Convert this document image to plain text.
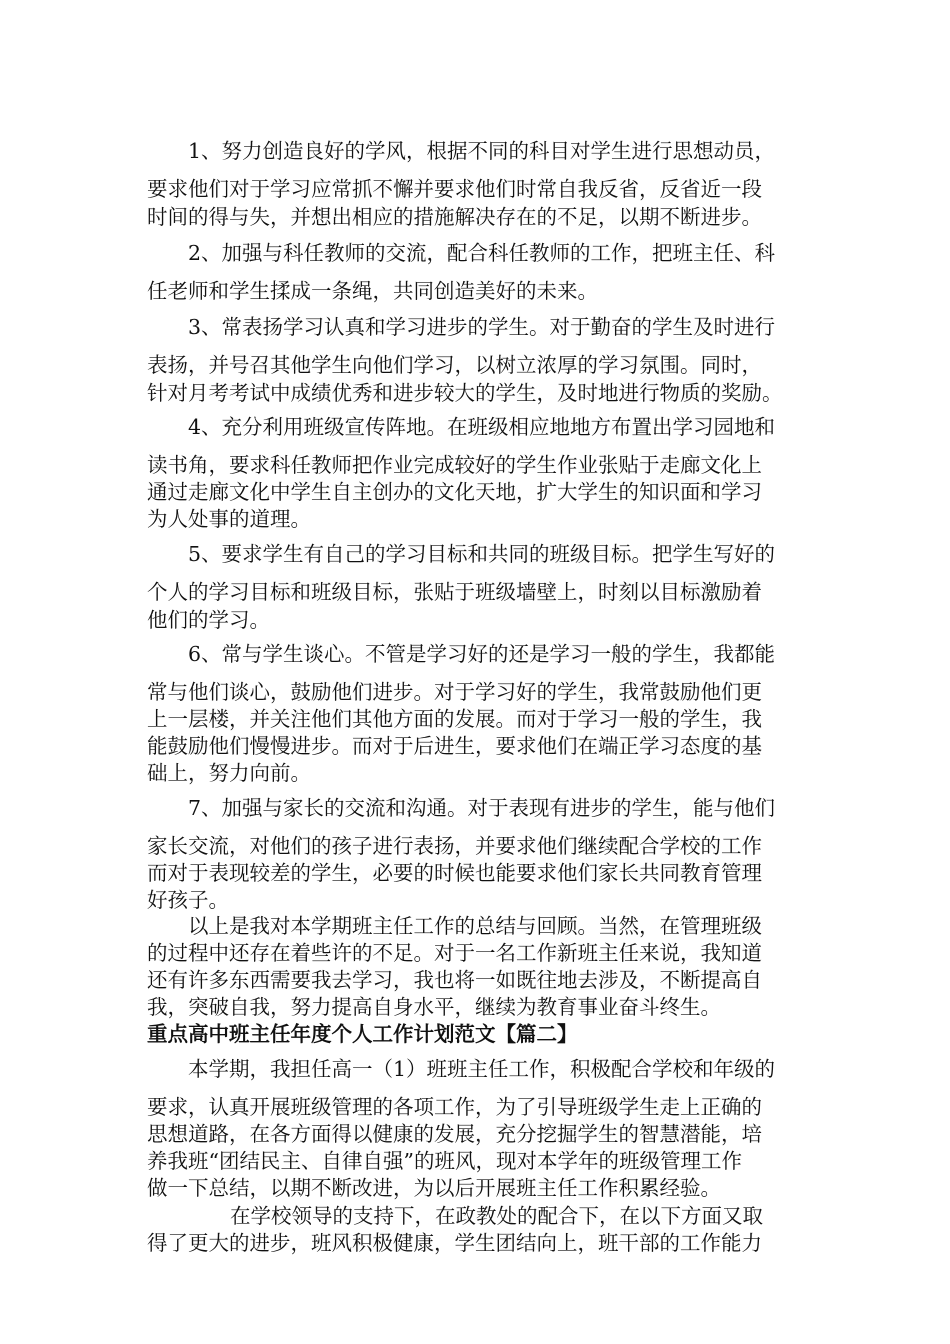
1、努力创造良好的学风，根据不同的科目对学生进行思想动员，
要求他们对于学习应常抓不懈并要求他们时常自我反省，反省近一段
时间的得与失，并想出相应的措施解决存在的不足，以期不断进步。
2、加强与科任教师的交流，配合科任教师的工作，把班主任、科
任老师和学生揉成一条绳，共同创造美好的未来。
3、常表扬学习认真和学习进步的学生。对于勤奋的学生及时进行
表扬，并号召其他学生向他们学习，以树立浓厚的学习氛围。同时，
针对月考考试中成绩优秀和进步较大的学生，及时地进行物质的奖励。
4、充分利用班级宣传阵地。在班级相应地地方布置出学习园地和
读书角，要求科任教师把作业完成较好的学生作业张贴于走廊文化上
通过走廊文化中学生自主创办的文化天地，扩大学生的知识面和学习
为人处事的道理。
5、要求学生有自己的学习目标和共同的班级目标。把学生写好的
个人的学习目标和班级目标，张贴于班级墙壁上，时刻以目标激励着
他们的学习。
6、常与学生谈心。不管是学习好的还是学习一般的学生，我都能
常与他们谈心，鼓励他们进步。对于学习好的学生，我常鼓励他们更
上一层楼，并关注他们其他方面的发展。而对于学习一般的学生，我
能鼓励他们慢慢进步。而对于后进生，要求他们在端正学习态度的基
础上，努力向前。
7、加强与家长的交流和沟通。对于表现有进步的学生，能与他们
家长交流，对他们的孩子进行表扬，并要求他们继续配合学校的工作
而对于表现较差的学生，必要的时候也能要求他们家长共同教育管理
好孩子。
以上是我对本学期班主任工作的总结与回顾。当然，在管理班级
的过程中还存在着些许的不足。对于一名工作新班主任来说，我知道
还有许多东西需要我去学习，我也将一如既往地去涉及，不断提高自
我，突破自我，努力提高自身水平，继续为教育事业奋斗终生。
重点高中班主任年度个人工作计划范文【篇二】
本学期，我担任高一（1）班班主任工作，积极配合学校和年级的
要求，认真开展班级管理的各项工作，为了引导班级学生走上正确的
思想道路，在各方面得以健康的发展，充分挖掘学生的智慧潜能，培
养我班“团结民主、自律自强”的班风，现对本学年的班级管理工作
做一下总结，以期不断改进，为以后开展班主任工作积累经验。
在学校领导的支持下，在政教处的配合下，在以下方面又取
得了更大的进步，班风积极健康，学生团结向上，班干部的工作能力
